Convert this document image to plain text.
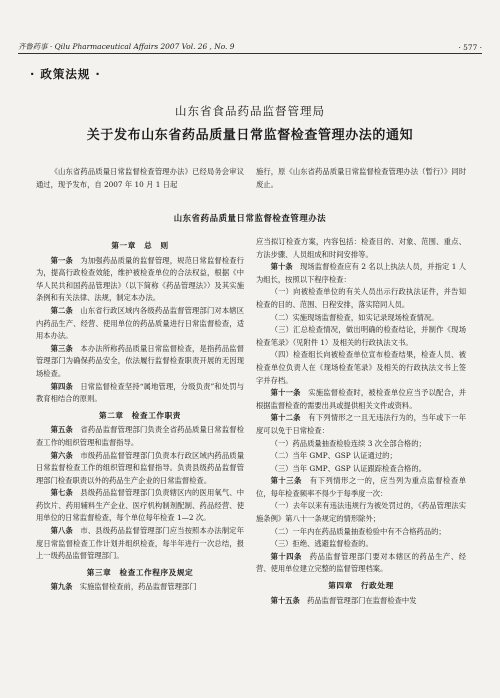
齐鲁药事 · Qilu Pharmaceutical Affairs 2007 Vol. 26 , No. 9	· 577 ·
· 政策法规 ·
山东省食品药品监督管理局
关于发布山东省药品质量日常监督检查管理办法的通知

《山东省药品质量日常监督检查管理办法》已经局务会审议通过，现予发布，自 2007 年 10 月 1 日起

施行，原《山东省药品质量日常监督检查管理办法（暂行）》同时废止。

山东省药品质量日常监督检查管理办法
第一章　总　则

第一条　 为加强药品质量的监督管理，规范日常监督检查行为，提高行政检查效能，维护被检查单位的合法权益，根据《中华人民共和国药品管理法》（以下简称《药品管理法》）及其实施条例和有关法律、法规，制定本办法。

第二条　 山东省行政区域内各级药品监督管理部门对本辖区内药品生产、经营、使用单位的药品质量进行日常监督检查，适用本办法。

第三条　 本办法所称药品质量日常监督检查，是指药品监督管理部门为确保药品安全，依法履行监督检查职责开展的无因现场检查。

第四条　 日常监督检查坚持“属地管理，分级负责”和处罚与教育相结合的原则。

第二章　检查工作职责

第五条　 省药品监督管理部门负责全省药品质量日常监督检查工作的组织管理和监督指导。

第六条　 市级药品监督管理部门负责本行政区域内药品质量日常监督检查工作的组织管理和监督指导。负责县级药品监督管理部门检查职责以外的药品生产企业的日常监督检查。

第七条　 县级药品监督管理部门负责辖区内的医用氧气、中药饮片、药用辅料生产企业、医疗机构制剂配制、药品经营、使用单位的日常监督检查，每个单位每年检查 1—2 次。

第八条　 市、县级药品监督管理部门应当按照本办法制定年度日常监督检查工作计划并组织检查，每半年进行一次总结，报上一级药品监督管理部门。

第三章　检查工作程序及规定

第九条　 实施监督检查前，药品监督管理部门

应当拟订检查方案，内容包括：检查目的、对象、范围、重点、方法步骤、人员组成和时间安排等。

第十条　 现场监督检查应有 2 名以上执法人员，并指定 1 人为组长，按照以下程序检查：

（一）向被检查单位的有关人员出示行政执法证件，并告知检查的目的、范围、日程安排，落实陪同人员。

（二）实施现场监督检查，如实记录现场检查情况。

（三）汇总检查情况，做出明确的检查结论，并制作《现场检查笔录》（见附件 1）及相关的行政执法文书。

（四）检查组长向被检查单位宣布检查结果，检查人员、被检查单位负责人在《现场检查笔录》及相关的行政执法文书上签字并存档。

第十一条　 实施监督检查时，被检查单位应当予以配合，并根据监督检查的需要出具或提供相关文件或资料。

第十二条　 有下列情形之一且无违法行为的，当年或下一年度可以免于日常检查：

（一）药品质量抽查检验连续 3 次全部合格的；

（二）当年 GMP、GSP 认证通过的；

（三）当年 GMP、GSP 认证跟踪检查合格的。

第十三条　 有下列情形之一的，应当列为重点监督检查单位，每年检查频率不得少于每季度一次：

（一）去年以来有违法违规行为被处罚过的，《药品管理法实施条例》第八十一条规定的情形除外；

（二）一年内在药品质量抽查检验中有不合格药品的；

（三）拒绝、逃避监督检查的。

第十四条　 药品监督管理部门要对本辖区的药品生产、经营、使用单位建立完整的监督管理档案。

第四章　行政处理

第十五条　 药品监督管理部门在监督检查中发
